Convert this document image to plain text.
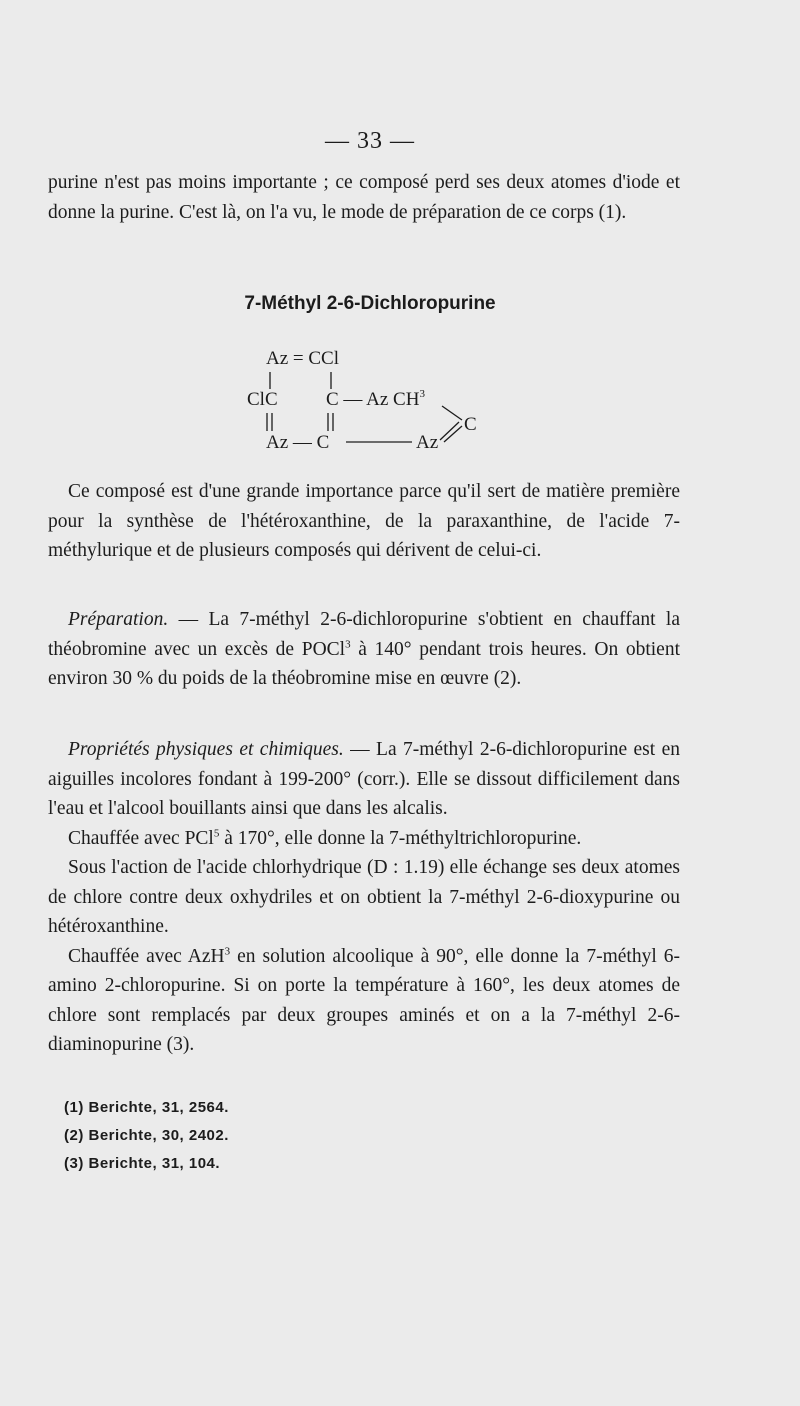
— 33 —

purine n'est pas moins importante ; ce composé perd ses deux atomes d'iode et donne la purine. C'est là, on l'a vu, le mode de préparation de ce corps (1).

7-Méthyl 2-6-Dichloropurine
Az = CCl
ClC	C — Az $CH^3$
C
Az — C	Az

Ce composé est d'une grande importance parce qu'il sert de matière première pour la synthèse de l'hétéroxanthine, de la paraxanthine, de l'acide 7-méthylurique et de plusieurs composés qui dérivent de celui-ci.

Préparation. — La 7-méthyl 2-6-dichloropurine s'obtient en chauffant la théobromine avec un excès de POCl$^3$ à 140° pendant trois heures. On obtient environ 30 % du poids de la théobromine mise en œuvre (2).

Propriétés physiques et chimiques. — La 7-méthyl 2-6-dichloropurine est en aiguilles incolores fondant à 199-200° (corr.). Elle se dissout difficilement dans l'eau et l'alcool bouillants ainsi que dans les alcalis.

Chauffée avec PCl$^5$ à 170°, elle donne la 7-méthyltrichloropurine.

Sous l'action de l'acide chlorhydrique (D : 1.19) elle échange ses deux atomes de chlore contre deux oxhydriles et on obtient la 7-méthyl 2-6-dioxypurine ou hétéroxanthine.

Chauffée avec AzH$^3$ en solution alcoolique à 90°, elle donne la 7-méthyl 6-amino 2-chloropurine. Si on porte la température à 160°, les deux atomes de chlore sont remplacés par deux groupes aminés et on a la 7-méthyl 2-6-diaminopurine (3).

(1) Berichte, 31, 2564.
(2) Berichte, 30, 2402.
(3) Berichte, 31, 104.
